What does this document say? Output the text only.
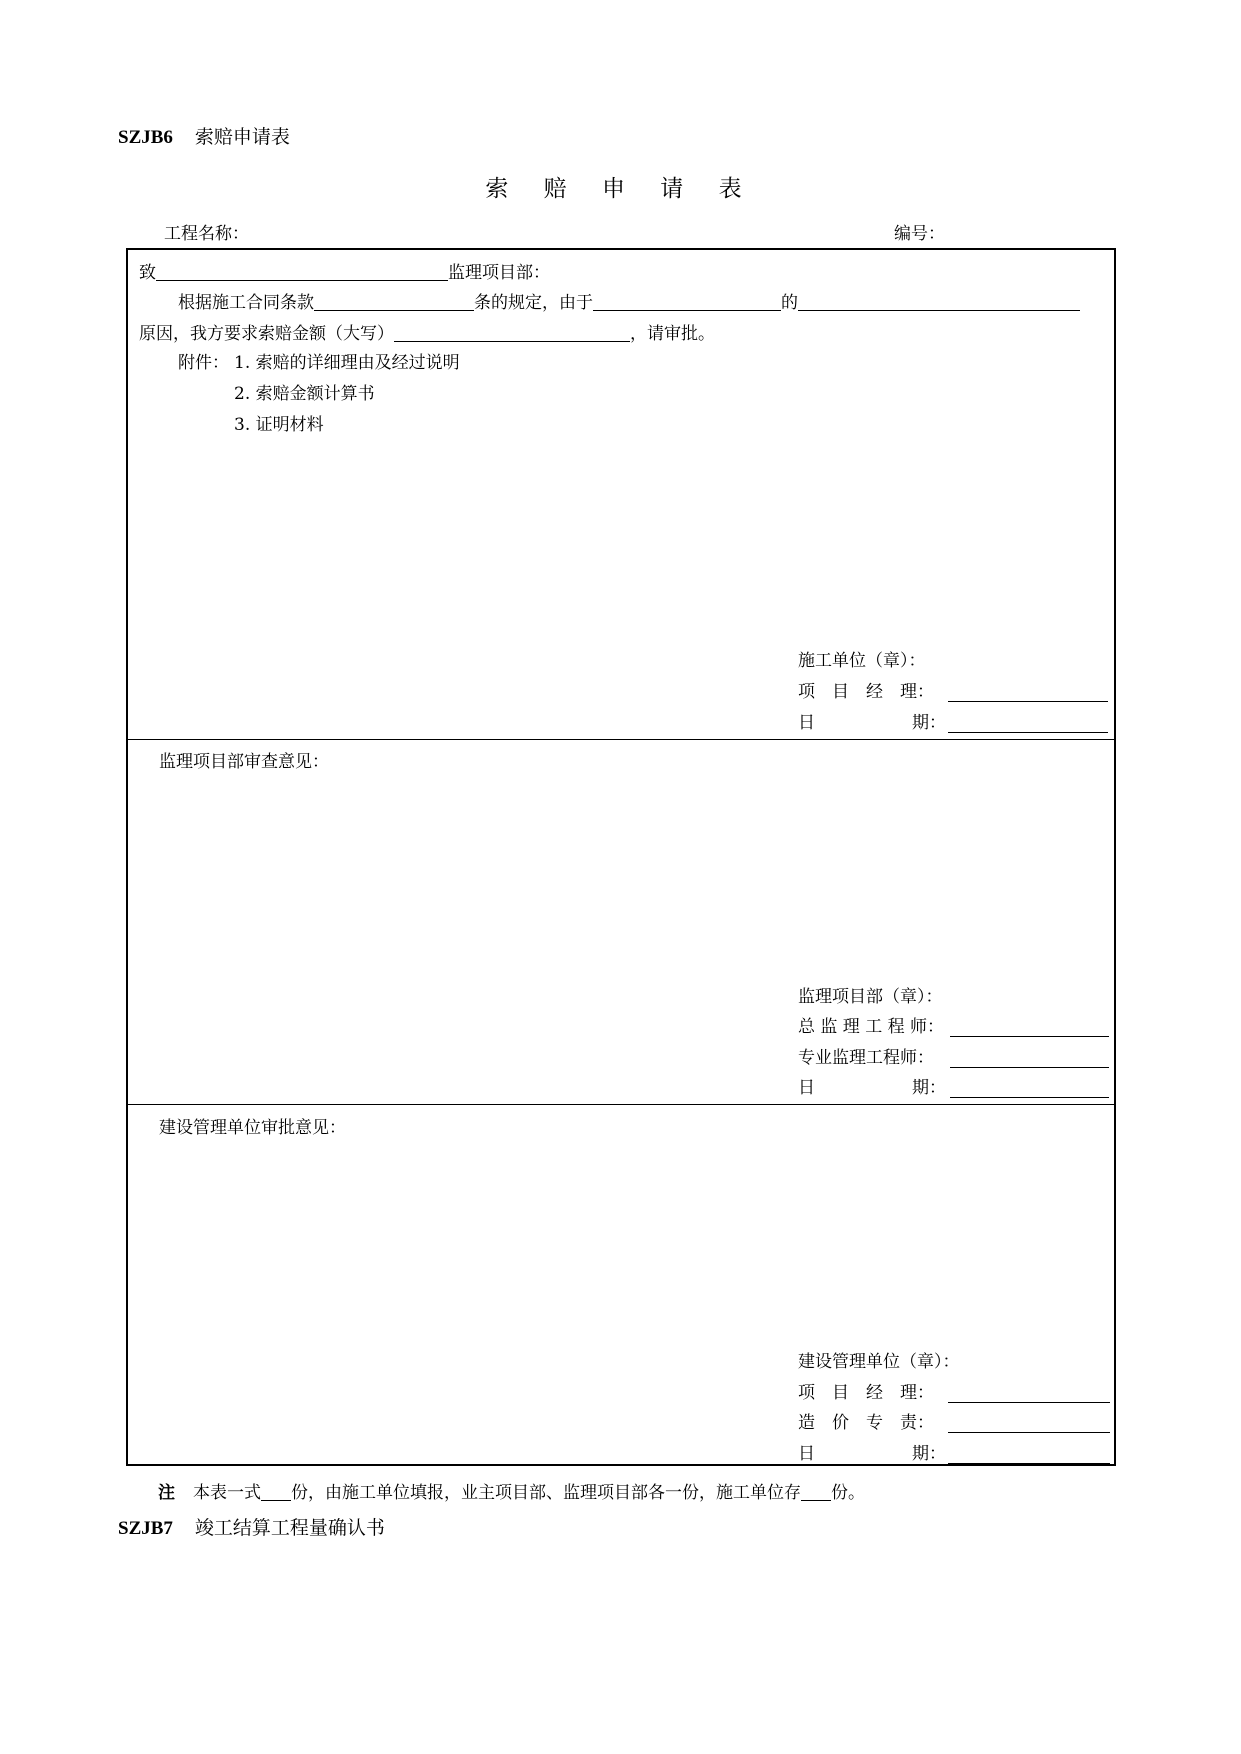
SZJB6 索赔申请表
索 赔 申 请 表
工程名称：	编号：
致	监理项目部：
根据施工合同条款	条的规定，由于	的
原因，我方要求索赔金额（大写）	，请审批。
附件： 1. 索赔的详细理由及经过说明
2. 索赔金额计算书
3. 证明材料
施工单位（章）：
项　目　经　理：
日	期：
监理项目部审查意见：
监理项目部（章）：
总 监 理 工 程 师：
专业监理工程师：
日	期：
建设管理单位审批意见：
建设管理单位（章）：
项　目　经　理：
造　价　专　责：
日	期：
注 本表一式 份，由施工单位填报，业主项目部、监理项目部各一份，施工单位存 份。
SZJB7 竣工结算工程量确认书
